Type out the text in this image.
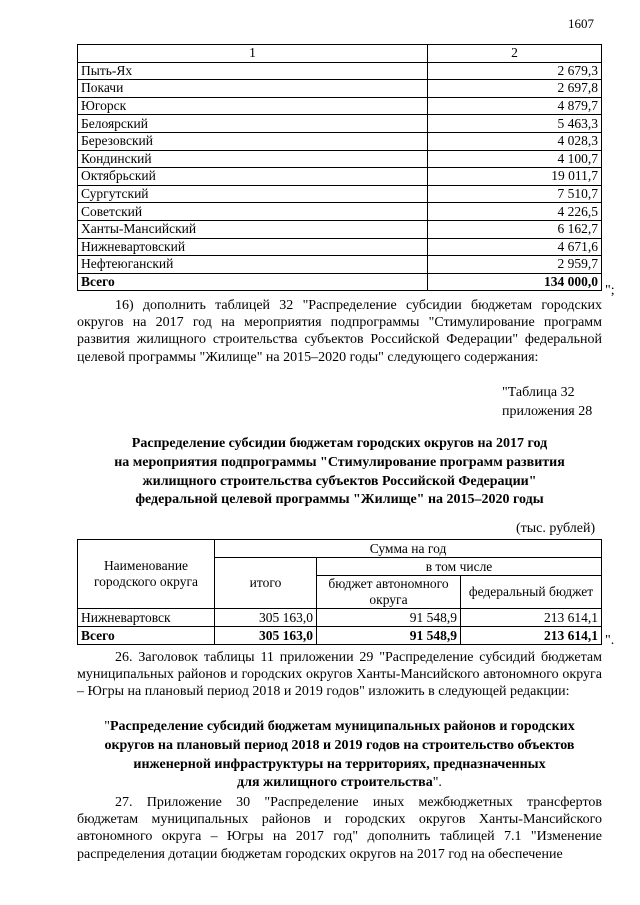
1607
1	2
Пыть-Ях	2 679,3
Покачи	2 697,8
Югорск	4 879,7
Белоярский	5 463,3
Березовский	4 028,3
Кондинский	4 100,7
Октябрьский	19 011,7
Сургутский	7 510,7
Советский	4 226,5
Ханты-Мансийский	6 162,7
Нижневартовский	4 671,6
Нефтеюганский	2 959,7
Всего	134 000,0
";

16) дополнить таблицей 32 "Распределение субсидии бюджетам городских округов на 2017 год на мероприятия подпрограммы "Стимулирование программ развития жилищного строительства субъектов Российской Федерации" федеральной целевой программы "Жилище" на 2015–2020 годы" следующего содержания:

"Таблица 32
приложения 28
Распределение субсидии бюджетам городских округов на 2017 год
на мероприятия подпрограммы "Стимулирование программ развития
жилищного строительства субъектов Российской Федерации"
федеральной целевой программы "Жилище" на 2015–2020 годы
(тыс. рублей)
Наименование городского округа	Сумма на год		
	итого	в том числе	
		бюджет автономного округа	федеральный бюджет
Нижневартовск	305 163,0	91 548,9	213 614,1
Всего	305 163,0	91 548,9	213 614,1 ".

26. Заголовок таблицы 11 приложении 29 "Распределение субсидий бюджетам муниципальных районов и городских округов Ханты-Мансийского автономного округа – Югры на плановый период 2018 и 2019 годов" изложить в следующей редакции:

"Распределение субсидий бюджетам муниципальных районов и городских
округов на плановый период 2018 и 2019 годов на строительство объектов
инженерной инфраструктуры на территориях, предназначенных
для жилищного строительства".

27. Приложение 30 "Распределение иных межбюджетных трансфертов бюджетам муниципальных районов и городских округов Ханты-Мансийского автономного округа – Югры на 2017 год" дополнить таблицей 7.1 "Изменение распределения дотации бюджетам городских округов на 2017 год на обеспечение
